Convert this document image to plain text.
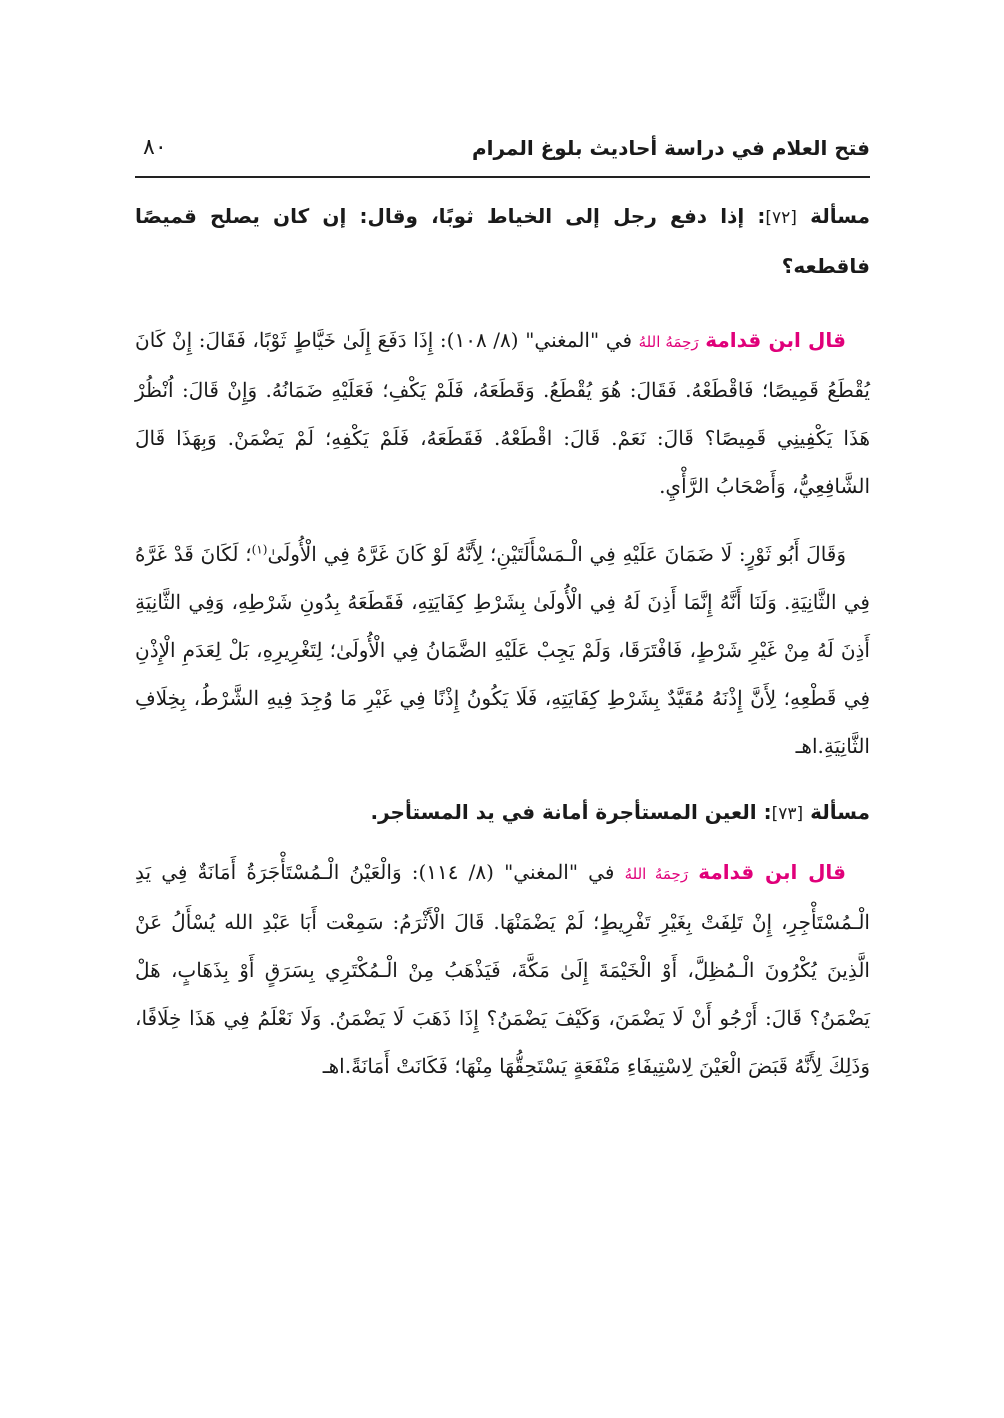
فتح العلام في دراسة أحاديث بلوغ المرام
٨٠
مسألة [٧٢]: إذا دفع رجل إلى الخياط ثوبًا، وقال: إن كان يصلح قميصًا فاقطعه؟

قال ابن قدامة رَحِمَهُ اللهُ في "المغني" (٨/ ١٠٨): إِذَا دَفَعَ إِلَىٰ خَيَّاطٍ ثَوْبًا، فَقَالَ: إِنْ كَانَ يُقْطَعُ قَمِيصًا؛ فَاقْطَعْهُ. فَقَالَ: هُوَ يُقْطَعُ. وَقَطَعَهُ، فَلَمْ يَكْفِ؛ فَعَلَيْهِ ضَمَانُهُ. وَإِنْ قَالَ: اُنْظُرْ هَذَا يَكْفِينِي قَمِيصًا؟ قَالَ: نَعَمْ. قَالَ: اقْطَعْهُ. فَقَطَعَهُ، فَلَمْ يَكْفِهِ؛ لَمْ يَضْمَنْ. وَبِهَذَا قَالَ الشَّافِعِيُّ، وَأَصْحَابُ الرَّأْيِ.

وَقَالَ أَبُو ثَوْرٍ: لَا ضَمَانَ عَلَيْهِ فِي الْـمَسْأَلَتَيْنِ؛ لِأَنَّهُ لَوْ كَانَ غَرَّهُ فِي الْأُولَىٰ$^{(١)}$؛ لَكَانَ قَدْ غَرَّهُ فِي الثَّانِيَةِ. وَلَنَا أَنَّهُ إِنَّمَا أَذِنَ لَهُ فِي الْأُولَىٰ بِشَرْطِ كِفَايَتِهِ، فَقَطَعَهُ بِدُونِ شَرْطِهِ، وَفِي الثَّانِيَةِ أَذِنَ لَهُ مِنْ غَيْرِ شَرْطٍ، فَافْتَرَقَا، وَلَمْ يَجِبْ عَلَيْهِ الضَّمَانُ فِي الْأُولَىٰ؛ لِتَغْرِيرِهِ، بَلْ لِعَدَمِ الْإِذْنِ فِي قَطْعِهِ؛ لِأَنَّ إِذْنَهُ مُقَيَّدٌ بِشَرْطِ كِفَايَتِهِ، فَلَا يَكُونُ إِذْنًا فِي غَيْرِ مَا وُجِدَ فِيهِ الشَّرْطُ، بِخِلَافِ الثَّانِيَةِ.اهـ

مسألة [٧٣]: العين المستأجرة أمانة في يد المستأجر.

قال ابن قدامة رَحِمَهُ اللهُ في "المغني" (٨/ ١١٤): وَالْعَيْنُ الْـمُسْتَأْجَرَةُ أَمَانَةٌ فِي يَدِ الْـمُسْتَأْجِرِ، إِنْ تَلِفَتْ بِغَيْرِ تَفْرِيطٍ؛ لَمْ يَضْمَنْهَا. قَالَ الْأَثْرَمُ: سَمِعْت أَبَا عَبْدِ الله يُسْأَلُ عَنْ الَّذِينَ يُكْرُونَ الْـمُظِلَّ، أَوْ الْخَيْمَةَ إِلَىٰ مَكَّةَ، فَيَذْهَبُ مِنْ الْـمُكْتَرِي بِسَرَقٍ أَوْ بِذَهَابٍ، هَلْ يَضْمَنُ؟ قَالَ: أَرْجُو أَنْ لَا يَضْمَنَ، وَكَيْفَ يَضْمَنُ؟ إِذَا ذَهَبَ لَا يَضْمَنُ. وَلَا نَعْلَمُ فِي هَذَا خِلَافًا، وَذَلِكَ لِأَنَّهُ قَبَضَ الْعَيْنَ لِاسْتِيفَاءِ مَنْفَعَةٍ يَسْتَحِقُّهَا مِنْهَا؛ فَكَانَتْ أَمَانَةً.اهـ
